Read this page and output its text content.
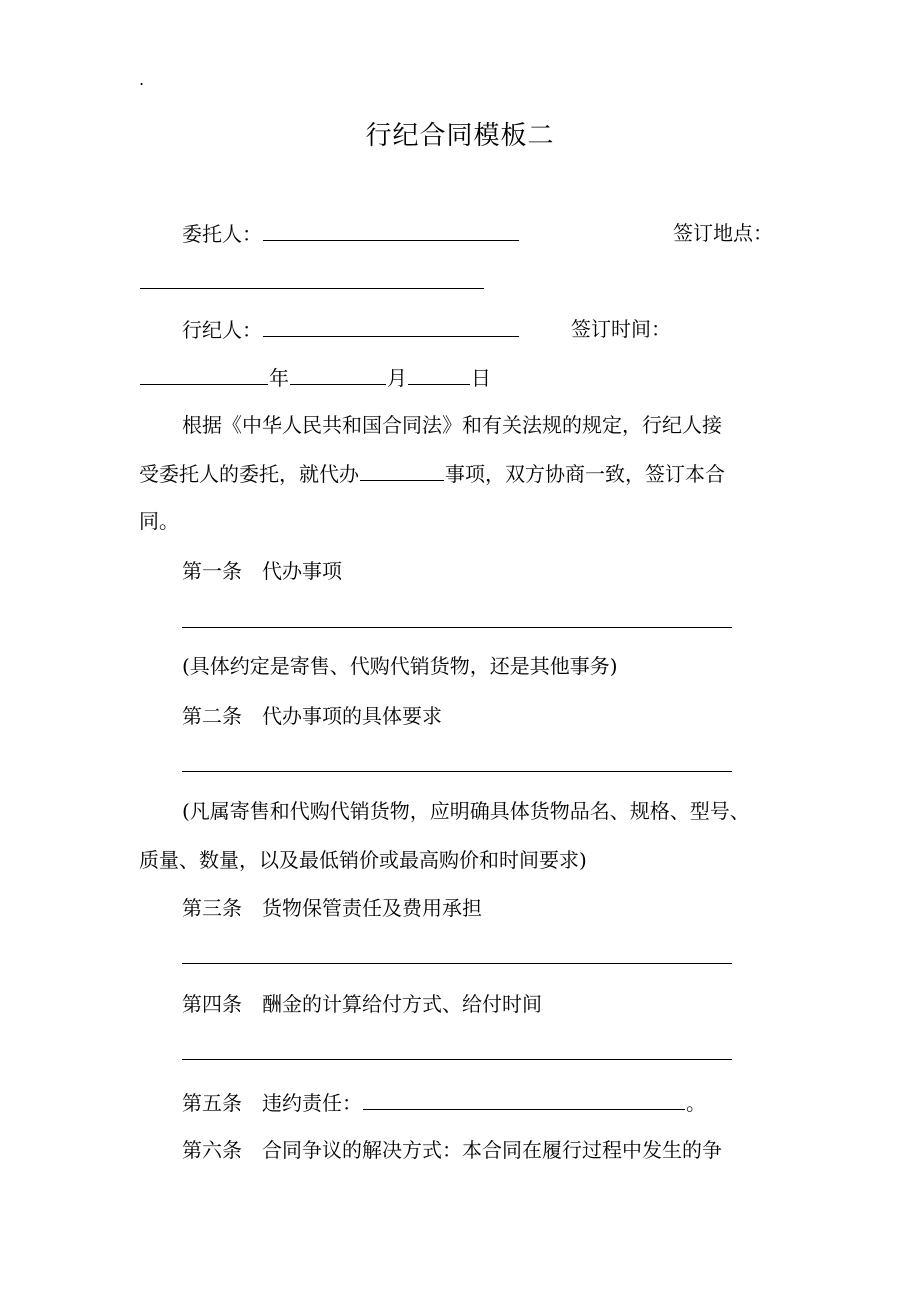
.
行纪合同模板二
委托人：	签订地点：
行纪人：	签订时间：
年	月	日
根据《中华人民共和国合同法》和有关法规的规定，行纪人接
受委托人的委托，就代办	事项，双方协商一致，签订本合
同。
第一条　代办事项
(具体约定是寄售、代购代销货物，还是其他事务)
第二条　代办事项的具体要求
(凡属寄售和代购代销货物，应明确具体货物品名、规格、型号、
质量、数量，以及最低销价或最高购价和时间要求)
第三条　货物保管责任及费用承担
第四条　酬金的计算给付方式、给付时间
第五条　违约责任：	。
第六条　合同争议的解决方式：本合同在履行过程中发生的争
